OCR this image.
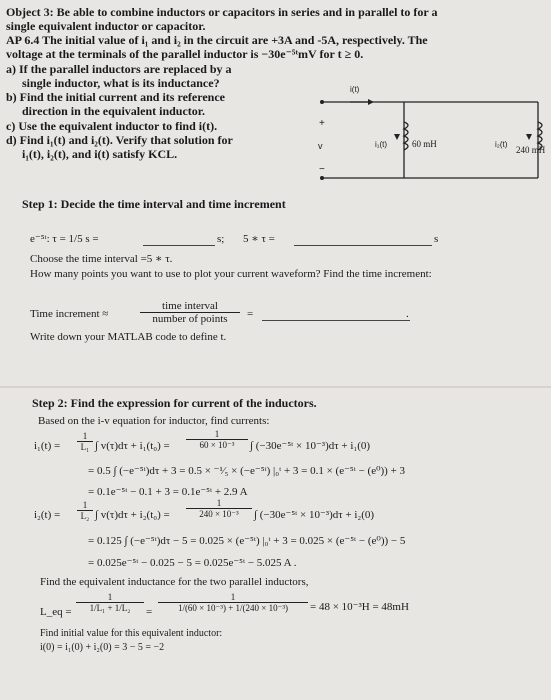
Object 3: Be able to combine inductors or capacitors in series and in parallel to for a
single equivalent inductor or capacitor.
AP 6.4 The initial value of i₁ and i₂ in the circuit are +3A and -5A, respectively. The
voltage at the terminals of the parallel inductor is −30e⁻⁵ᵗmV for t ≥ 0.
a) If the parallel inductors are replaced by a
single inductor, what is its inductance?
b) Find the initial current and its reference
direction in the equivalent inductor.
c) Use the equivalent inductor to find i(t).
d) Find i₁(t) and i₂(t). Verify that solution for
i₁(t), i₂(t), and i(t) satisfy KCL.
i(t)
+
v
−
i₁(t)	60 mH	i₂(t)
240 mH
Step 1: Decide the time interval and time increment
e⁻⁵ᵗ: τ = 1/5 s =	s; 5 ∗ τ =	s
Choose the time interval =5 ∗ τ.
How many points you want to use to plot your current waveform? Find the time increment:
Time increment ≈
time interval
number of points	=	.
Write down your MATLAB code to define t.
Step 2: Find the expression for current of the inductors.
Based on the i-v equation for inductor, find currents:
$i_1(t) = \frac{1}{\text{L₁}}$ ∫ $v(\tau)d\tau + i_1(t_0) = \frac{1}{\text{60 × 10⁻³}}$ ∫ (−30e⁻⁵ᵗ × 10⁻³)dτ + i₁(0)
= 0.5 ∫ (−e⁻⁵ᵗ)dτ + 3 = 0.5 × ⁻¹⁄₅ × (−e⁻⁵ᵗ) |₀ᵗ + 3 = 0.1 × (e⁻⁵ᵗ − (e⁰)) + 3
= 0.1e⁻⁵ᵗ − 0.1 + 3 = 0.1e⁻⁵ᵗ + 2.9 A
$i_2(t) = \frac{1}{\text{L₂}}$ ∫ $v(\tau)d\tau + i_2(t_0) = \frac{1}{\text{240 × 10⁻³}}$ ∫ (−30e⁻⁵ᵗ × 10⁻³)dτ + i₂(0)
= 0.125 ∫ (−e⁻⁵ᵗ)dτ − 5 = 0.025 × (e⁻⁵ᵗ) |₀ᵗ + 3 = 0.025 × (e⁻⁵ᵗ − (e⁰)) − 5
= 0.025e⁻⁵ᵗ − 0.025 − 5 = 0.025e⁻⁵ᵗ − 5.025 A .
Find the equivalent inductance for the two parallel inductors,
L_eq = $\frac{1}{\text{1/L₁ + 1/L₂}} = \frac{1}{\text{1/(60 × 10⁻³) + 1/(240 × 10⁻³)}} = 48 \times 10^{-3}H = 48mH$
Find initial value for this equivalent inductor:
i(0) = i₁(0) + i₂(0) = 3 − 5 = −2
